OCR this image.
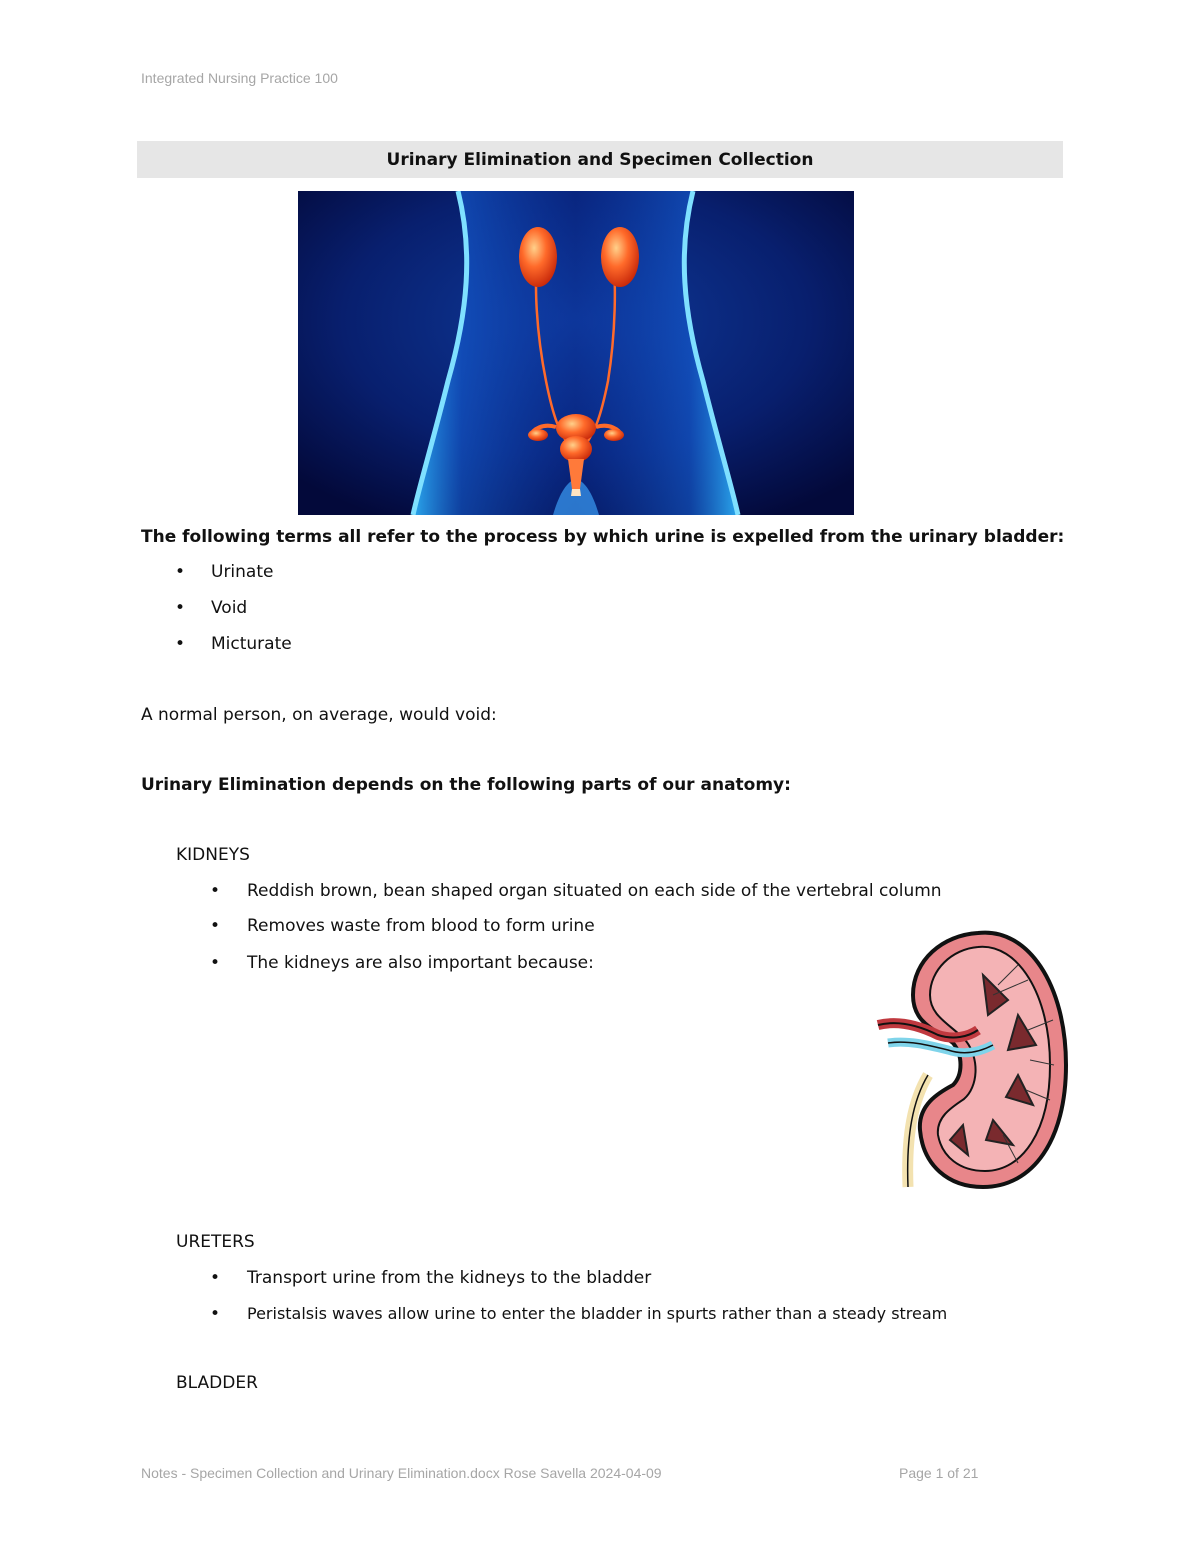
Integrated Nursing Practice 100
Urinary Elimination and Specimen Collection
The following terms all refer to the process by which urine is expelled from the urinary bladder:
• Urinate
• Void
• Micturate
A normal person, on average, would void:
Urinary Elimination depends on the following parts of our anatomy:
KIDNEYS
• Reddish brown, bean shaped organ situated on each side of the vertebral column
• Removes waste from blood to form urine
• The kidneys are also important because:
URETERS
• Transport urine from the kidneys to the bladder
• Peristalsis waves allow urine to enter the bladder in spurts rather than a steady stream
BLADDER
Notes - Specimen Collection and Urinary Elimination.docx Rose Savella 2024-04-09	Page 1 of 21
